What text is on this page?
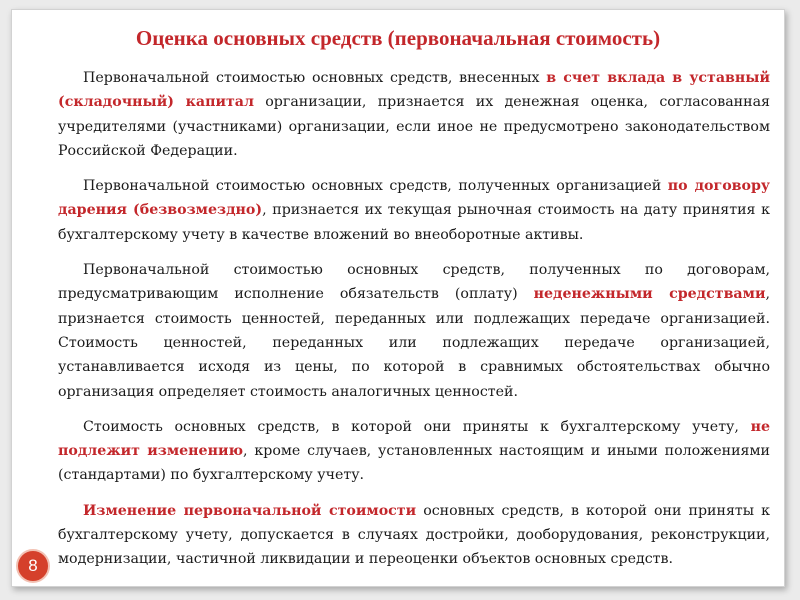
Оценка основных средств (первоначальная стоимость)

Первоначальной стоимостью основных средств, внесенных в счет вклада в уставный (складочный) капитал организации, признается их денежная оценка, согласованная учредителями (участниками) организации, если иное не предусмотрено законодательством Российской Федерации.

Первоначальной стоимостью основных средств, полученных организацией по договору дарения (безвозмездно), признается их текущая рыночная стоимость на дату принятия к бухгалтерскому учету в качестве вложений во внеоборотные активы.

Первоначальной стоимостью основных средств, полученных по договорам, предусматривающим исполнение обязательств (оплату) неденежными средствами, признается стоимость ценностей, переданных или подлежащих передаче организацией. Стоимость ценностей, переданных или подлежащих передаче организацией, устанавливается исходя из цены, по которой в сравнимых обстоятельствах обычно организация определяет стоимость аналогичных ценностей.

Стоимость основных средств, в которой они приняты к бухгалтерскому учету, не подлежит изменению, кроме случаев, установленных настоящим и иными положениями (стандартами) по бухгалтерскому учету.

Изменение первоначальной стоимости основных средств, в которой они приняты к бухгалтерскому учету, допускается в случаях достройки, дооборудования, реконструкции, модернизации, частичной ликвидации и переоценки объектов основных средств.

8
